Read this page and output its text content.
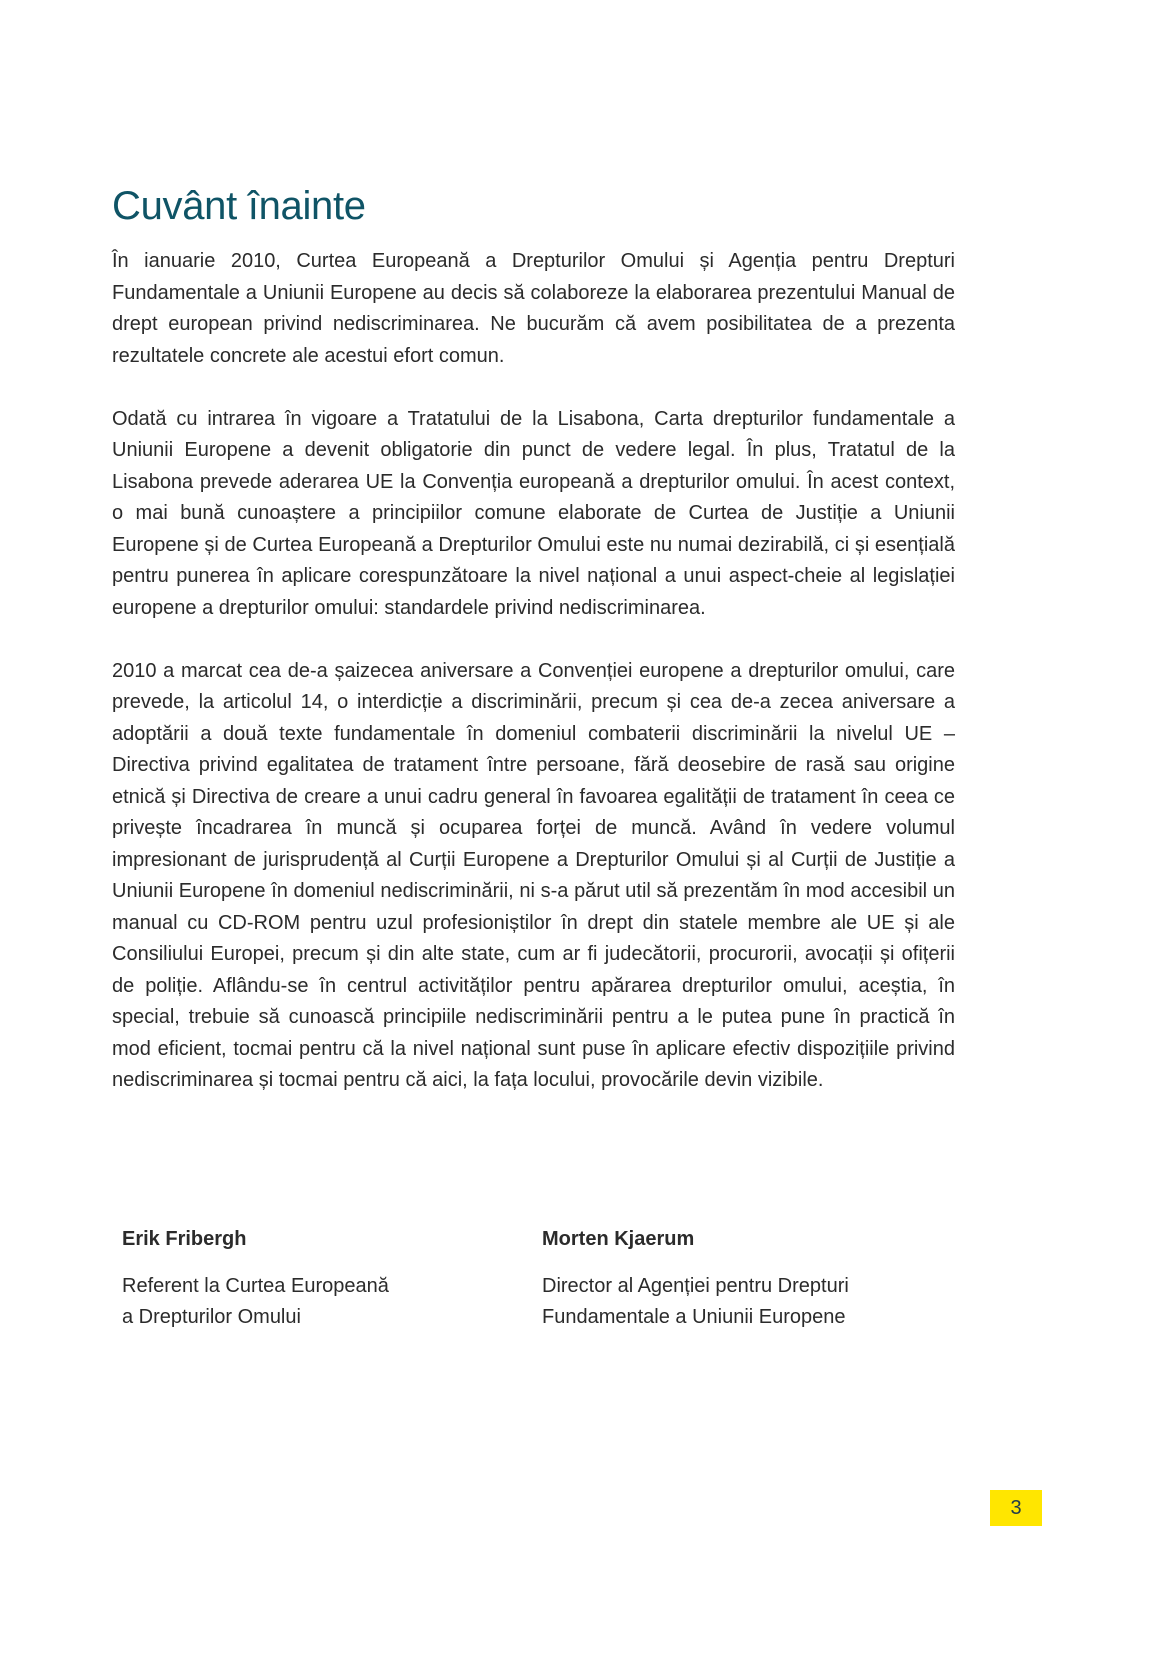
Cuvânt înainte

În ianuarie 2010, Curtea Europeană a Drepturilor Omului și Agenția pentru Drepturi Fundamentale a Uniunii Europene au decis să colaboreze la elaborarea prezentului Manual de drept european privind nediscriminarea. Ne bucurăm că avem posibilitatea de a prezenta rezultatele concrete ale acestui efort comun.

Odată cu intrarea în vigoare a Tratatului de la Lisabona, Carta drepturilor fundamentale a Uniunii Europene a devenit obligatorie din punct de vedere legal. În plus, Tratatul de la Lisabona prevede aderarea UE la Convenția europeană a drepturilor omului. În acest context, o mai bună cunoaștere a principiilor comune elaborate de Curtea de Justiție a Uniunii Europene și de Curtea Europeană a Drepturilor Omului este nu numai dezirabilă, ci și esențială pentru punerea în aplicare corespunzătoare la nivel național a unui aspect-cheie al legislației europene a drepturilor omului: standardele privind nediscriminarea.

2010 a marcat cea de-a șaizecea aniversare a Convenției europene a drepturilor omului, care prevede, la articolul 14, o interdicție a discriminării, precum și cea de-a zecea aniversare a adoptării a două texte fundamentale în domeniul combaterii discriminării la nivelul UE – Directiva privind egalitatea de tratament între persoane, fără deosebire de rasă sau origine etnică și Directiva de creare a unui cadru general în favoarea egalității de tratament în ceea ce privește încadrarea în muncă și ocuparea forței de muncă. Având în vedere volumul impresionant de jurisprudență al Curții Europene a Drepturilor Omului și al Curții de Justiție a Uniunii Europene în domeniul nediscriminării, ni s-a părut util să prezentăm în mod accesibil un manual cu CD-ROM pentru uzul profesioniștilor în drept din statele membre ale UE și ale Consiliului Europei, precum și din alte state, cum ar fi judecătorii, procurorii, avocații și ofițerii de poliție. Aflându-se în centrul activităților pentru apărarea drepturilor omului, aceștia, în special, trebuie să cunoască principiile nediscriminării pentru a le putea pune în practică în mod eficient, tocmai pentru că la nivel național sunt puse în aplicare efectiv dispozițiile privind nediscriminarea și tocmai pentru că aici, la fața locului, provocările devin vizibile.

Erik Fribergh
Referent la Curtea Europeană
a Drepturilor Omului
Morten Kjaerum
Director al Agenției pentru Drepturi
Fundamentale a Uniunii Europene
3
